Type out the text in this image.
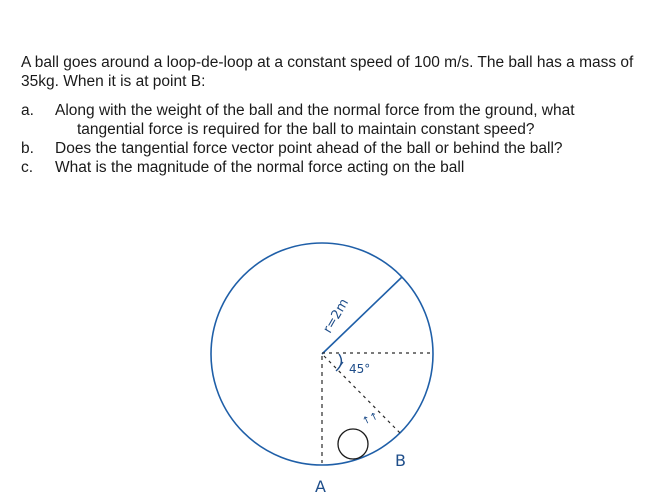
A ball goes around a loop-de-loop at a constant speed of 100 m/s. The ball has a mass of 35kg. When it is at point B:

a. Along with the weight of the ball and the normal force from the ground, what
tangential force is required for the ball to maintain constant speed?

b. Does the tangential force vector point ahead of the ball or behind the ball?

c. What is the magnitude of the normal force acting on the ball

r=2m
45°
↑↑
A
B
